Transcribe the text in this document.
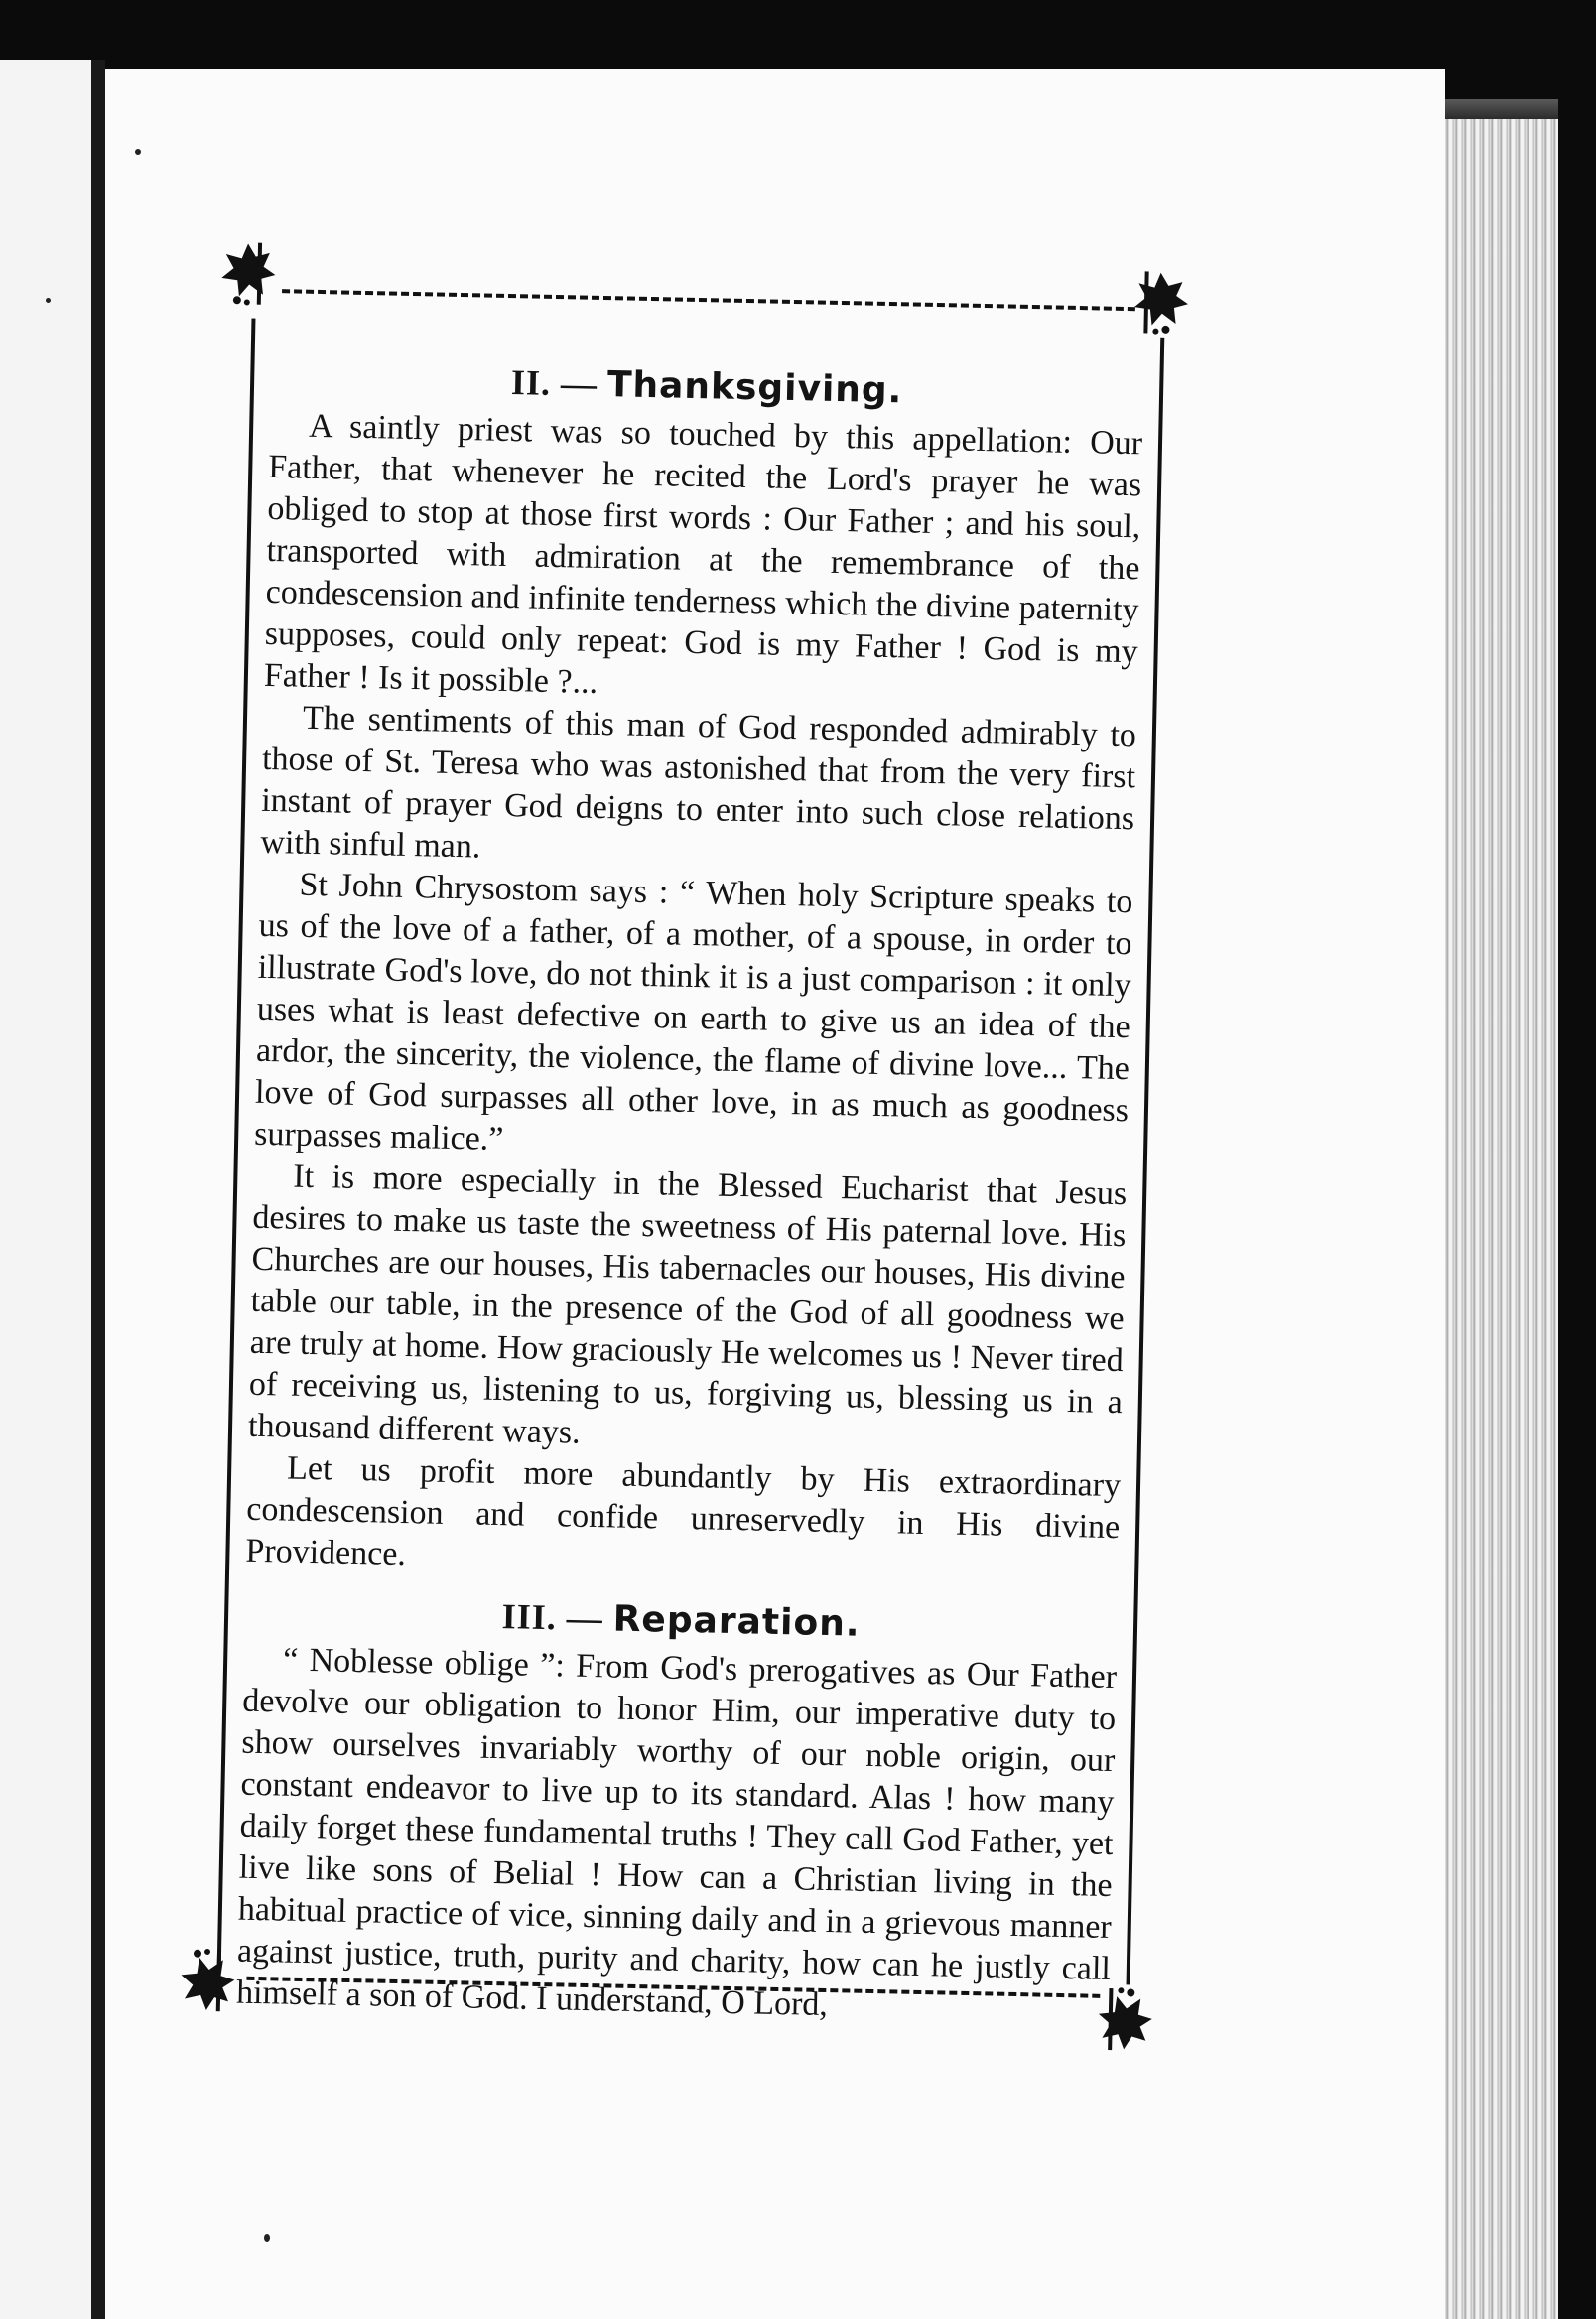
II. — Thanksgiving.

A saintly priest was so touched by this appellation: Our Father, that whenever he recited the Lord's prayer he was obliged to stop at those first words : Our Father ; and his soul, transported with admiration at the remembrance of the condescension and infinite tenderness which the divine paternity supposes, could only repeat: God is my Father ! God is my Father ! Is it possible ?...

The sentiments of this man of God responded admirably to those of St. Teresa who was astonished that from the very first instant of prayer God deigns to enter into such close relations with sinful man.

St John Chrysostom says : “ When holy Scripture speaks to us of the love of a father, of a mother, of a spouse, in order to illustrate God's love, do not think it is a just comparison : it only uses what is least defective on earth to give us an idea of the ardor, the sincerity, the violence, the flame of divine love... The love of God surpasses all other love, in as much as goodness surpasses malice.”

It is more especially in the Blessed Eucharist that Jesus desires to make us taste the sweetness of His paternal love. His Churches are our houses, His tabernacles our houses, His divine table our table, in the presence of the God of all goodness we are truly at home. How graciously He welcomes us ! Never tired of receiving us, listening to us, forgiving us, blessing us in a thousand different ways.

Let us profit more abundantly by His extraordinary condescension and confide unreservedly in His divine Providence.

III. — Reparation.

“ Noblesse oblige ”: From God's prerogatives as Our Father devolve our obligation to honor Him, our imperative duty to show ourselves invariably worthy of our noble origin, our constant endeavor to live up to its standard. Alas ! how many daily forget these fundamental truths ! They call God Father, yet live like sons of Belial ! How can a Christian living in the habitual practice of vice, sinning daily and in a grievous manner against justice, truth, purity and charity, how can he justly call himself a son of God. I understand, O Lord,
